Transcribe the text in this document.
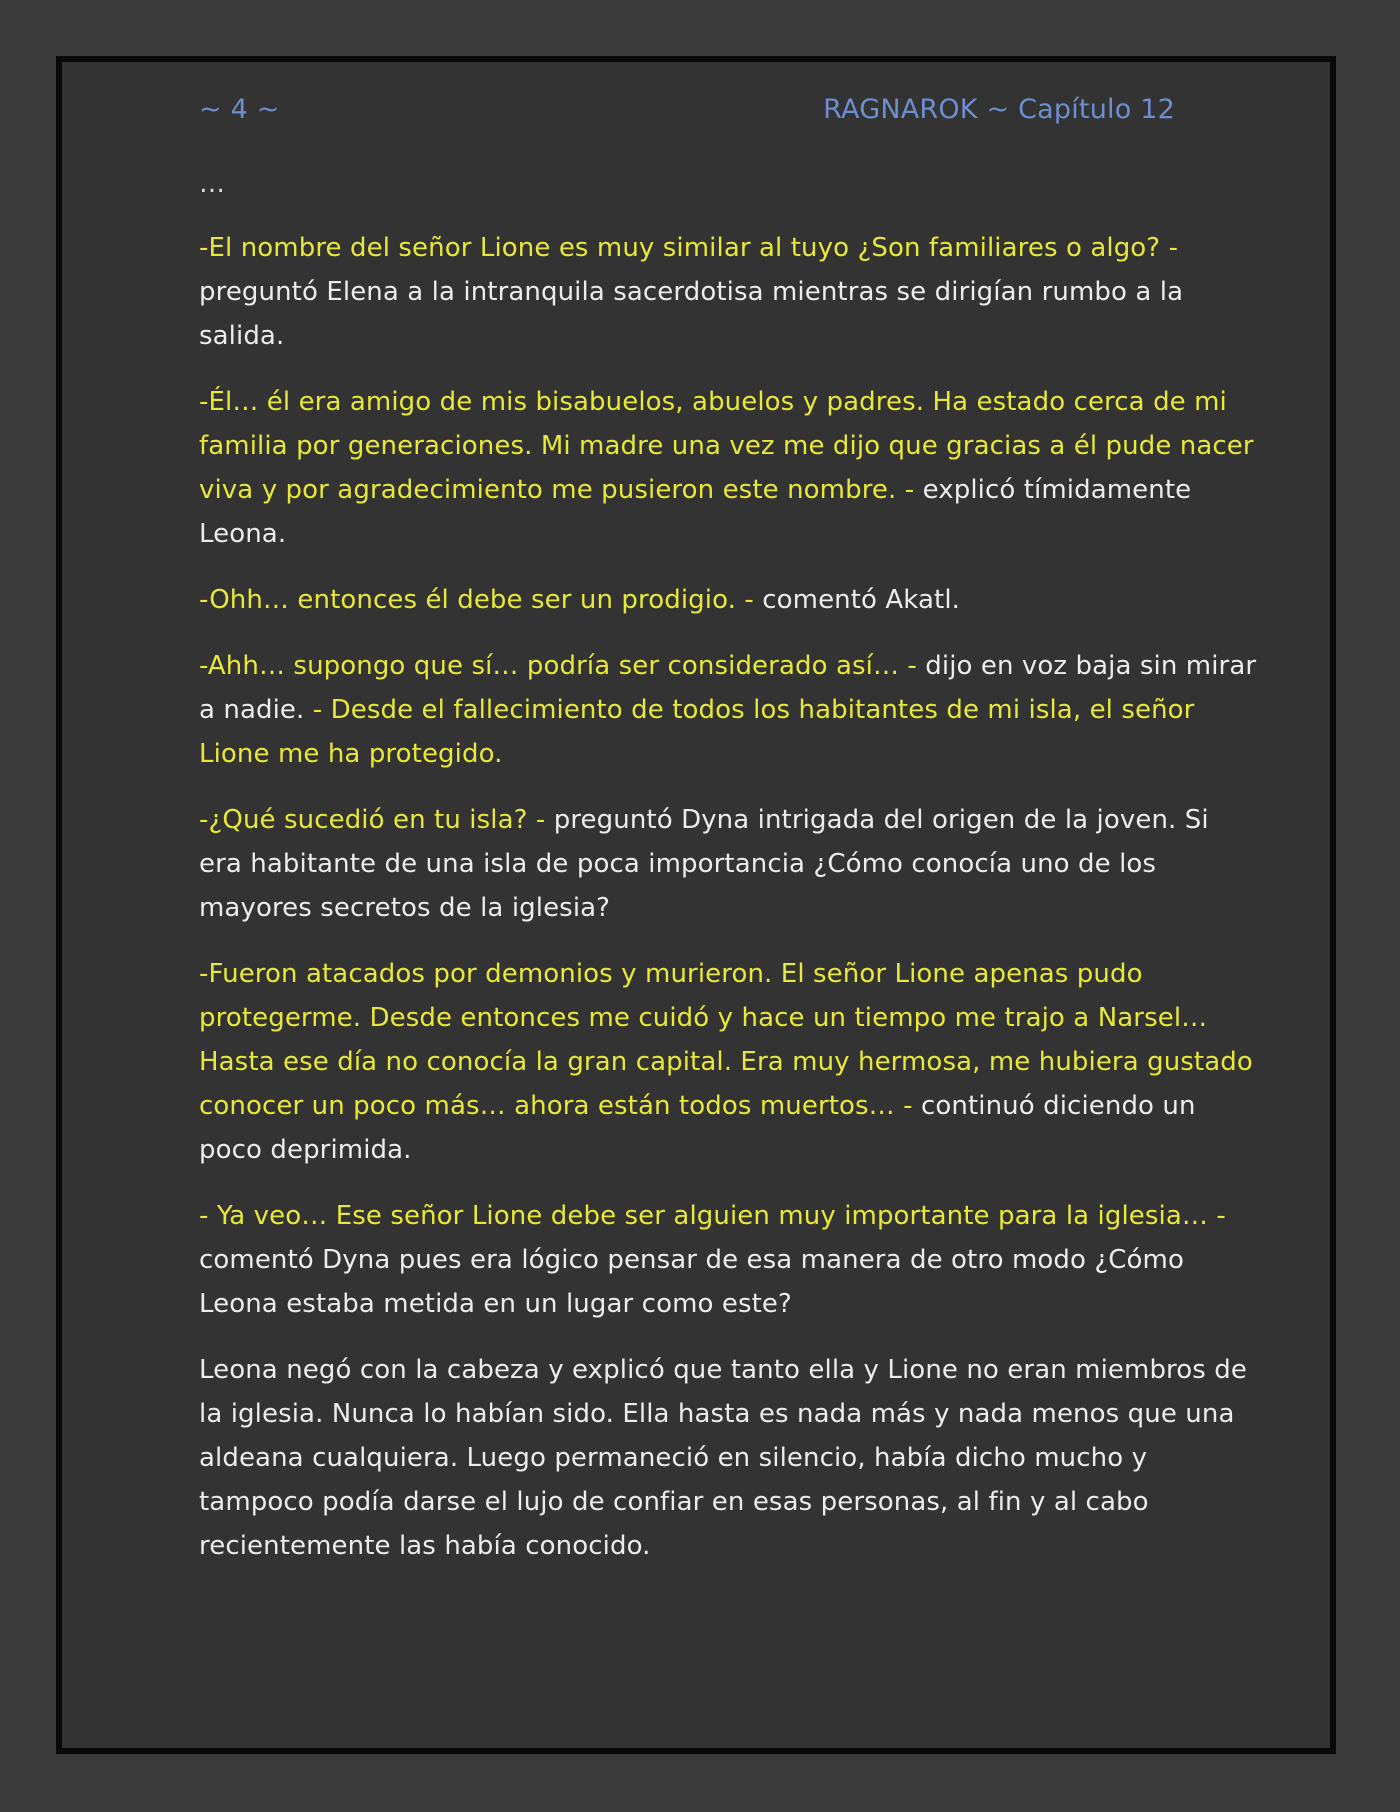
~ 4 ~	RAGNAROK ~ Capítulo 12

…

-El nombre del señor Lione es muy similar al tuyo ¿Son familiares o algo? - preguntó Elena a la intranquila sacerdotisa mientras se dirigían rumbo a la salida.

-Él… él era amigo de mis bisabuelos, abuelos y padres. Ha estado cerca de mi familia por generaciones. Mi madre una vez me dijo que gracias a él pude nacer viva y por agradecimiento me pusieron este nombre. - explicó tímidamente Leona.

-Ohh… entonces él debe ser un prodigio. - comentó Akatl.

-Ahh… supongo que sí… podría ser considerado así… - dijo en voz baja sin mirar a nadie. - Desde el fallecimiento de todos los habitantes de mi isla, el señor Lione me ha protegido.

-¿Qué sucedió en tu isla? - preguntó Dyna intrigada del origen de la joven. Si era habitante de una isla de poca importancia ¿Cómo conocía uno de los mayores secretos de la iglesia?

-Fueron atacados por demonios y murieron. El señor Lione apenas pudo protegerme. Desde entonces me cuidó y hace un tiempo me trajo a Narsel… Hasta ese día no conocía la gran capital. Era muy hermosa, me hubiera gustado conocer un poco más… ahora están todos muertos… - continuó diciendo un poco deprimida.

- Ya veo… Ese señor Lione debe ser alguien muy importante para la iglesia… - comentó Dyna pues era lógico pensar de esa manera de otro modo ¿Cómo Leona estaba metida en un lugar como este?

Leona negó con la cabeza y explicó que tanto ella y Lione no eran miembros de la iglesia. Nunca lo habían sido. Ella hasta es nada más y nada menos que una aldeana cualquiera. Luego permaneció en silencio, había dicho mucho y tampoco podía darse el lujo de confiar en esas personas, al fin y al cabo recientemente las había conocido.
